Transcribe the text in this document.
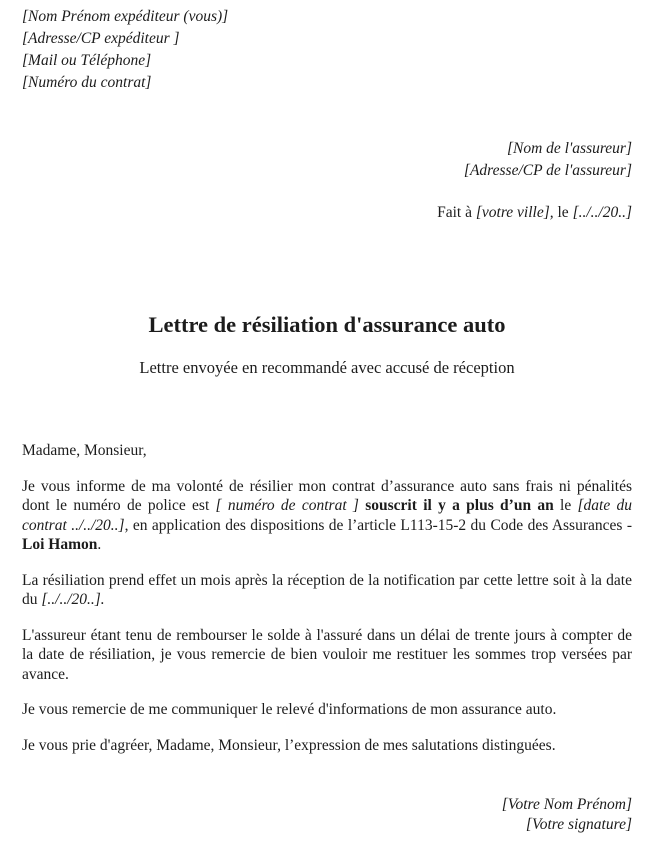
[Nom Prénom expéditeur (vous)]
[Adresse/CP expéditeur ]
[Mail ou Téléphone]
[Numéro du contrat]
[Nom de l'assureur]
[Adresse/CP de l'assureur]
Fait à [votre ville], le [../../20..]
Lettre de résiliation d'assurance auto
Lettre envoyée en recommandé avec accusé de réception
Madame, Monsieur,
Je vous informe de ma volonté de résilier mon contrat d’assurance auto sans frais ni pénalités dont le numéro de police est [ numéro de contrat ] souscrit il y a plus d’un an le [date du contrat ../../20..], en application des dispositions de l’article L113-15-2 du Code des Assurances - Loi Hamon.
La résiliation prend effet un mois après la réception de la notification par cette lettre soit à la date du [../../20..].
L'assureur étant tenu de rembourser le solde à l'assuré dans un délai de trente jours à compter de la date de résiliation, je vous remercie de bien vouloir me restituer les sommes trop versées par avance.
Je vous remercie de me communiquer le relevé d'informations de mon assurance auto.
Je vous prie d'agréer, Madame, Monsieur, l’expression de mes salutations distinguées.
[Votre Nom Prénom]
[Votre signature]
